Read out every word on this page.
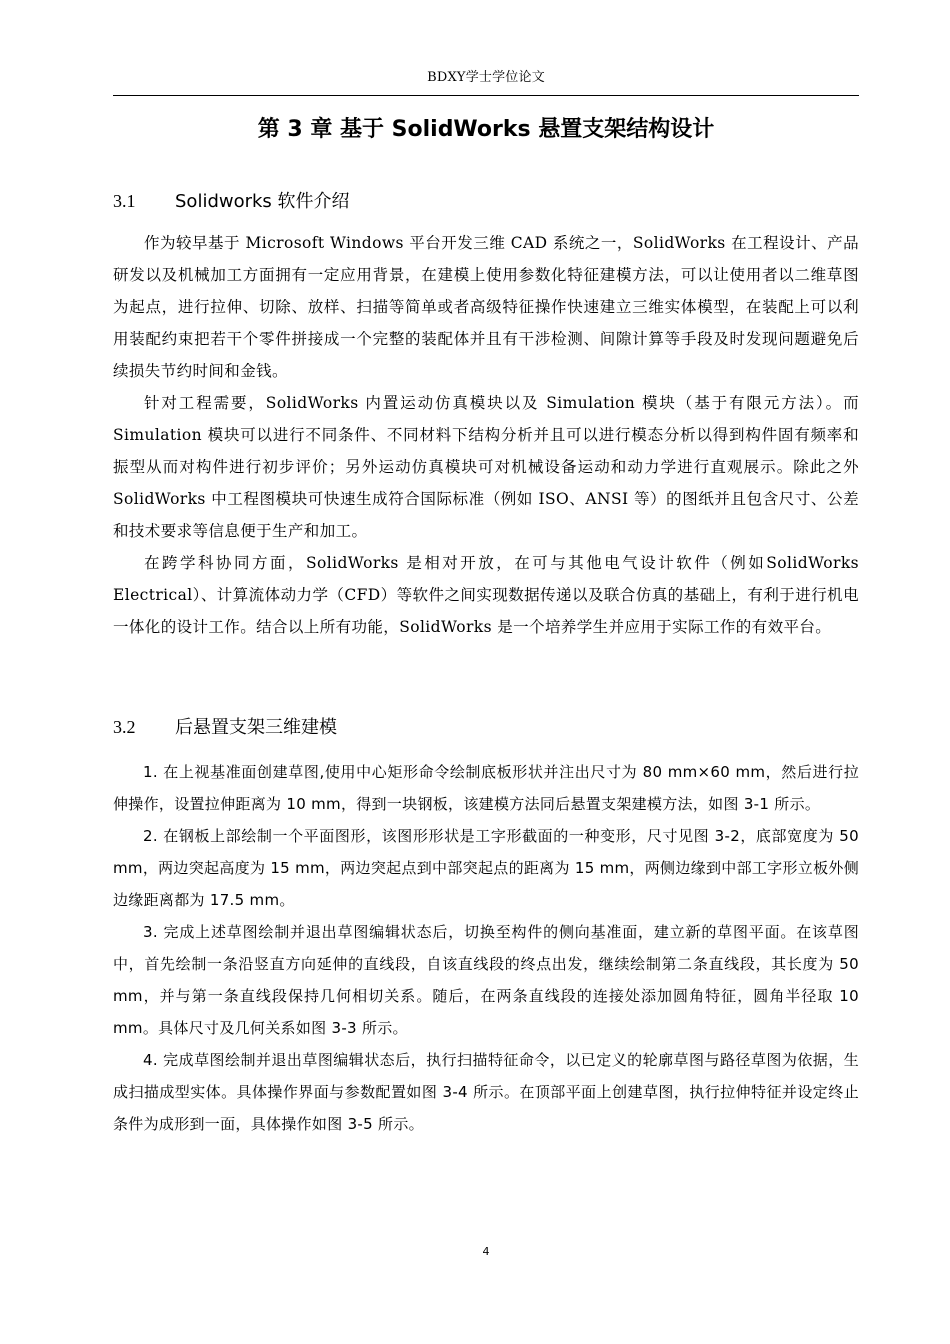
BDXY学士学位论文
第 3 章 基于 SolidWorks 悬置支架结构设计
3.1 Solidworks 软件介绍

作为较早基于 Microsoft Windows 平台开发三维 CAD 系统之一，SolidWorks 在工程设计、产品研发以及机械加工方面拥有一定应用背景，在建模上使用参数化特征建模方法，可以让使用者以二维草图为起点，进行拉伸、切除、放样、扫描等简单或者高级特征操作快速建立三维实体模型，在装配上可以利用装配约束把若干个零件拼接成一个完整的装配体并且有干涉检测、间隙计算等手段及时发现问题避免后续损失节约时间和金钱。

针对工程需要，SolidWorks 内置运动仿真模块以及 Simulation 模块（基于有限元方法）。而 Simulation 模块可以进行不同条件、不同材料下结构分析并且可以进行模态分析以得到构件固有频率和振型从而对构件进行初步评价；另外运动仿真模块可对机械设备运动和动力学进行直观展示。除此之外 SolidWorks 中工程图模块可快速生成符合国际标准（例如 ISO、ANSI 等）的图纸并且包含尺寸、公差和技术要求等信息便于生产和加工。

在跨学科协同方面，SolidWorks 是相对开放，在可与其他电气设计软件（例如SolidWorks Electrical）、计算流体动力学（CFD）等软件之间实现数据传递以及联合仿真的基础上，有利于进行机电一体化的设计工作。结合以上所有功能，SolidWorks 是一个培养学生并应用于实际工作的有效平台。

3.2 后悬置支架三维建模

1. 在上视基准面创建草图,使用中心矩形命令绘制底板形状并注出尺寸为 80 mm×60 mm，然后进行拉伸操作，设置拉伸距离为 10 mm，得到一块钢板，该建模方法同后悬置支架建模方法，如图 3-1 所示。

2. 在钢板上部绘制一个平面图形，该图形形状是工字形截面的一种变形，尺寸见图 3-2，底部宽度为 50 mm，两边突起高度为 15 mm，两边突起点到中部突起点的距离为 15 mm，两侧边缘到中部工字形立板外侧边缘距离都为 17.5 mm。

3. 完成上述草图绘制并退出草图编辑状态后，切换至构件的侧向基准面，建立新的草图平面。在该草图中，首先绘制一条沿竖直方向延伸的直线段，自该直线段的终点出发，继续绘制第二条直线段，其长度为 50 mm，并与第一条直线段保持几何相切关系。随后，在两条直线段的连接处添加圆角特征，圆角半径取 10 mm。具体尺寸及几何关系如图 3-3 所示。

4. 完成草图绘制并退出草图编辑状态后，执行扫描特征命令，以已定义的轮廓草图与路径草图为依据，生成扫描成型实体。具体操作界面与参数配置如图 3-4 所示。在顶部平面上创建草图，执行拉伸特征并设定终止条件为成形到一面，具体操作如图 3-5 所示。

4
